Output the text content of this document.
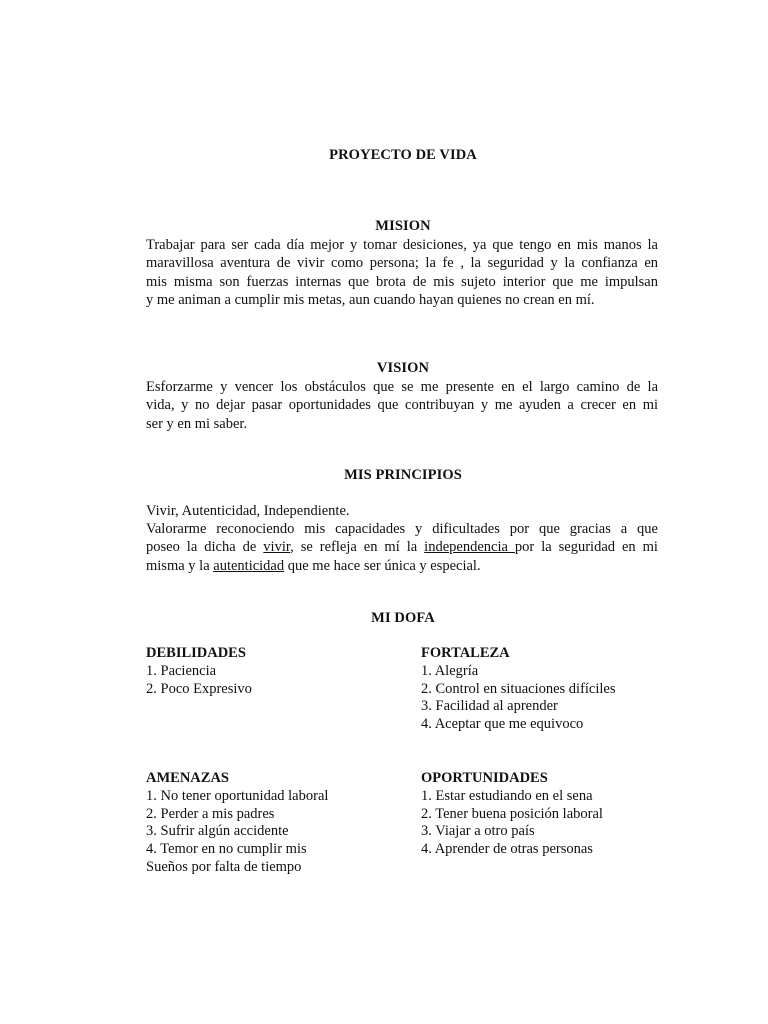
PROYECTO DE VIDA
MISION
Trabajar para ser cada día mejor y tomar desiciones, ya que tengo en mis manos la
maravillosa aventura de vivir como persona; la fe , la seguridad y la confianza en
mis misma son fuerzas internas que brota de mis sujeto interior que me impulsan
y me animan a cumplir mis metas, aun cuando hayan quienes no crean en mí.
VISION
Esforzarme y vencer los obstáculos que se me presente en el largo camino de la
vida, y no dejar pasar oportunidades que contribuyan y me ayuden a crecer en mi
ser y en mi saber.
MIS PRINCIPIOS
Vivir, Autenticidad, Independiente.
Valorarme reconociendo mis capacidades y dificultades por que gracias a que
poseo la dicha de vivir, se refleja en mí la independencia por la seguridad en mi
misma y la autenticidad que me hace ser única y especial.
MI DOFA
DEBILIDADES
1. Paciencia
2. Poco Expresivo
FORTALEZA
1. Alegría
2. Control en situaciones difíciles
3. Facilidad al aprender
4. Aceptar que me equivoco
AMENAZAS
1. No tener oportunidad laboral
2. Perder a mis padres
3. Sufrir algún accidente
4. Temor en no cumplir mis
Sueños por falta de tiempo
OPORTUNIDADES
1. Estar estudiando en el sena
2. Tener buena posición laboral
3. Viajar a otro país
4. Aprender de otras personas
